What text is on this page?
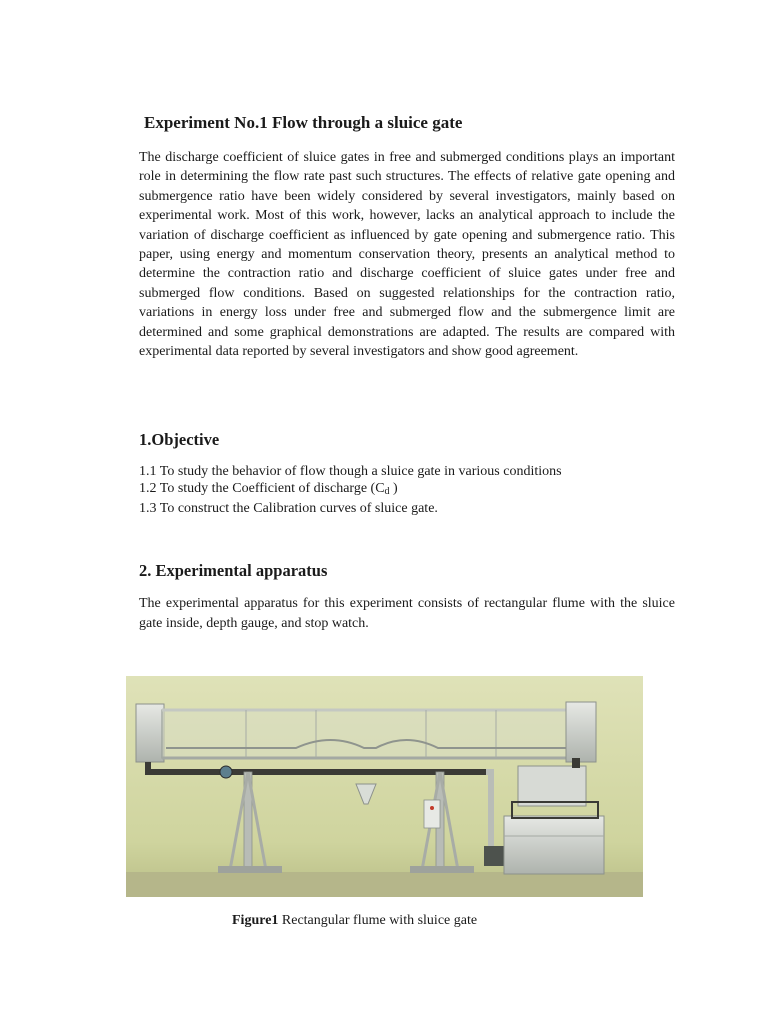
Experiment No.1 Flow through a sluice gate

The discharge coefficient of sluice gates in free and submerged conditions plays an important role in determining the flow rate past such structures. The effects of relative gate opening and submergence ratio have been widely considered by several investigators, mainly based on experimental work. Most of this work, however, lacks an analytical approach to include the variation of discharge coefficient as influenced by gate opening and submergence ratio. This paper, using energy and momentum conservation theory, presents an analytical method to determine the contraction ratio and discharge coefficient of sluice gates under free and submerged flow conditions. Based on suggested relationships for the contraction ratio, variations in energy loss under free and submerged flow and the submergence limit are determined and some graphical demonstrations are adapted. The results are compared with experimental data reported by several investigators and show good agreement.

1.Objective
1.1 To study the behavior of flow though a sluice gate in various conditions
1.2 To study the Coefficient of discharge ($C_d$ )
1.3 To construct the Calibration curves of sluice gate.
2. Experimental apparatus

The experimental apparatus for this experiment consists of rectangular flume with the sluice gate inside, depth gauge, and stop watch.

Figure1 Rectangular flume with sluice gate
